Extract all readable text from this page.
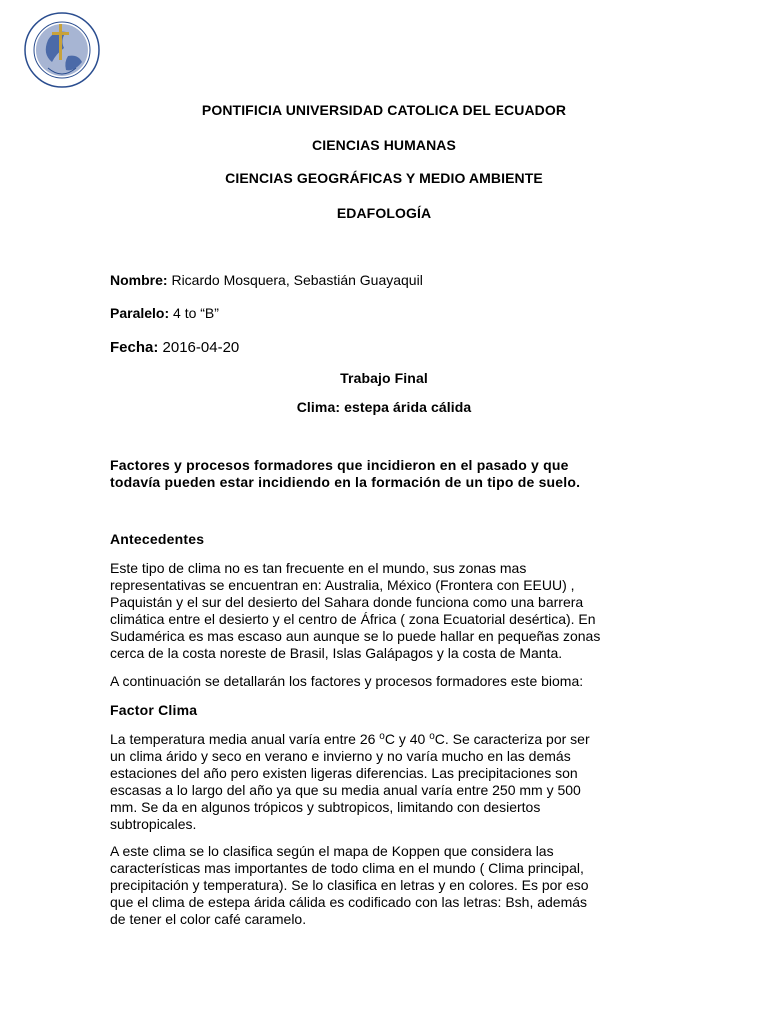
PONTIFICIA UNIVERSIDAD CATOLICA DEL ECUADOR
CIENCIAS HUMANAS
CIENCIAS GEOGRÁFICAS Y MEDIO AMBIENTE
EDAFOLOGÍA
Nombre: Ricardo Mosquera, Sebastián Guayaquil
Paralelo: 4 to “B”
Fecha: 2016-04-20
Trabajo Final
Clima: estepa árida cálida
Factores y procesos formadores que incidieron en el pasado y que
todavía pueden estar incidiendo en la formación de un tipo de suelo.
Antecedentes
Este tipo de clima no es tan frecuente en el mundo, sus zonas mas
representativas se encuentran en: Australia, México (Frontera con EEUU) ,
Paquistán y el sur del desierto del Sahara donde funciona como una barrera
climática entre el desierto y el centro de África ( zona Ecuatorial desértica). En
Sudamérica es mas escaso aun aunque se lo puede hallar en pequeñas zonas
cerca de la costa noreste de Brasil, Islas Galápagos y la costa de Manta.
A continuación se detallarán los factores y procesos formadores este bioma:
Factor Clima
La temperatura media anual varía entre 26 $^o$C y 40 $^o$C. Se caracteriza por ser
un clima árido y seco en verano e invierno y no varía mucho en las demás
estaciones del año pero existen ligeras diferencias. Las precipitaciones son
escasas a lo largo del año ya que su media anual varía entre 250 mm y 500
mm. Se da en algunos trópicos y subtropicos, limitando con desiertos
subtropicales.
A este clima se lo clasifica según el mapa de Koppen que considera las
características mas importantes de todo clima en el mundo ( Clima principal,
precipitación y temperatura). Se lo clasifica en letras y en colores. Es por eso
que el clima de estepa árida cálida es codificado con las letras: Bsh, además
de tener el color café caramelo.
